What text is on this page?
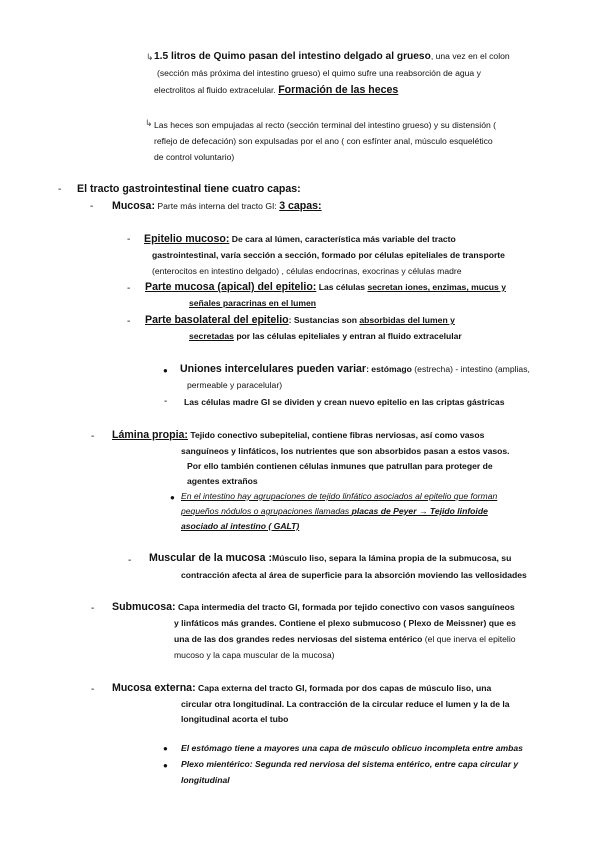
↳ 1.5 litros de Quimo pasan del intestino delgado al grueso, una vez en el colon
(sección más próxima del intestino grueso) el quimo sufre una reabsorción de agua y
electrolitos al fluido extracelular. Formación de las heces
↳ Las heces son empujadas al recto (sección terminal del intestino grueso) y su distensión (
reflejo de defecación) son expulsadas por el ano ( con esfínter anal, músculo esquelético
de control voluntario)
- El tracto gastrointestinal tiene cuatro capas:
- Mucosa: Parte más interna del tracto GI: 3 capas:
- Epitelio mucoso: De cara al lúmen, característica más variable del tracto
gastrointestinal, varía sección a sección, formado por células epiteliales de transporte
(enterocitos en intestino delgado) , células endocrinas, exocrinas y células madre
- Parte mucosa (apical) del epitelio: Las células secretan iones, enzimas, mucus y
señales paracrinas en el lumen
- Parte basolateral del epitelio: Sustancias son absorbidas del lumen y
secretadas por las células epiteliales y entran al fluido extracelular
● Uniones intercelulares pueden variar: estómago (estrecha) - intestino (amplias,
permeable y paracelular)
- Las células madre GI se dividen y crean nuevo epitelio en las criptas gástricas
- Lámina propia: Tejido conectivo subepitelial, contiene fibras nerviosas, así como vasos
sanguíneos y linfáticos, los nutrientes que son absorbidos pasan a estos vasos.
Por ello también contienen células inmunes que patrullan para proteger de
agentes extraños
● En el intestino hay agrupaciones de tejido linfático asociados al epitelio que forman
pequeños nódulos o agrupaciones llamadas placas de Peyer → Tejido linfoide
asociado al intestino ( GALT)
- Muscular de la mucosa :Músculo liso, separa la lámina propia de la submucosa, su
contracción afecta al área de superficie para la absorción moviendo las vellosidades
- Submucosa: Capa intermedia del tracto GI, formada por tejido conectivo con vasos sanguíneos
y linfáticos más grandes. Contiene el plexo submucoso ( Plexo de Meissner) que es
una de las dos grandes redes nerviosas del sistema entérico (el que inerva el epitelio
mucoso y la capa muscular de la mucosa)
- Mucosa externa: Capa externa del tracto GI, formada por dos capas de músculo liso, una
circular otra longitudinal. La contracción de la circular reduce el lumen y la de la
longitudinal acorta el tubo
● El estómago tiene a mayores una capa de músculo oblicuo incompleta entre ambas
● Plexo mientérico: Segunda red nerviosa del sistema entérico, entre capa circular y
longitudinal
